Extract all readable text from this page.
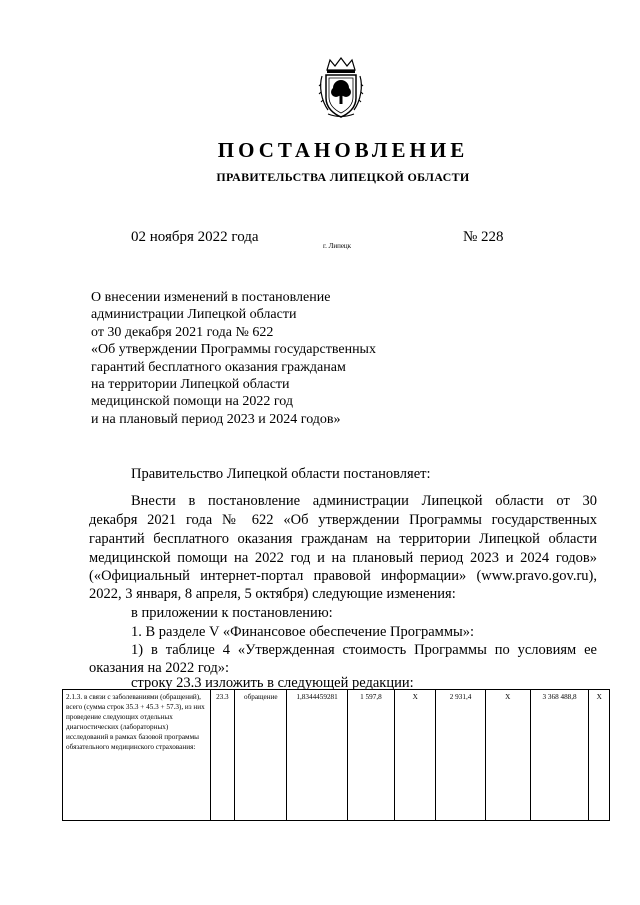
ПОСТАНОВЛЕНИЕ
ПРАВИТЕЛЬСТВА ЛИПЕЦКОЙ ОБЛАСТИ
02 ноября 2022 года
г. Липецк
№ 228
О внесении изменений в постановление
администрации Липецкой области
от 30 декабря 2021 года № 622
«Об утверждении Программы государственных
гарантий бесплатного оказания гражданам
на территории Липецкой области
медицинской помощи на 2022 год
и на плановый период 2023 и 2024 годов»
Правительство Липецкой области постановляет:
Внести в постановление администрации Липецкой области от 30
декабря 2021 года № 622 «Об утверждении Программы государственных
гарантий бесплатного оказания гражданам на территории Липецкой области
медицинской помощи на 2022 год и на плановый период 2023 и 2024 годов»
(«Официальный интернет-портал правовой информации» (www.pravo.gov.ru),
2022, 3 января, 8 апреля, 5 октября) следующие изменения:
в приложении к постановлению:
1. В разделе V «Финансовое обеспечение Программы»:
1) в таблице 4 «Утвержденная стоимость Программы по условиям ее
оказания на 2022 год»:
строку 23.3 изложить в следующей редакции:
2.1.3. в связи с заболеваниями (обращений), всего (сумма строк 35.3 + 45.3 + 57.3), из них проведение следующих отдельных диагностических (лабораторных) исследований в рамках базовой программы обязательного медицинского страхования:	23.3	обращение	1,8344459281	1 597,8	X	2 931,4	X	3 368 488,8	X
